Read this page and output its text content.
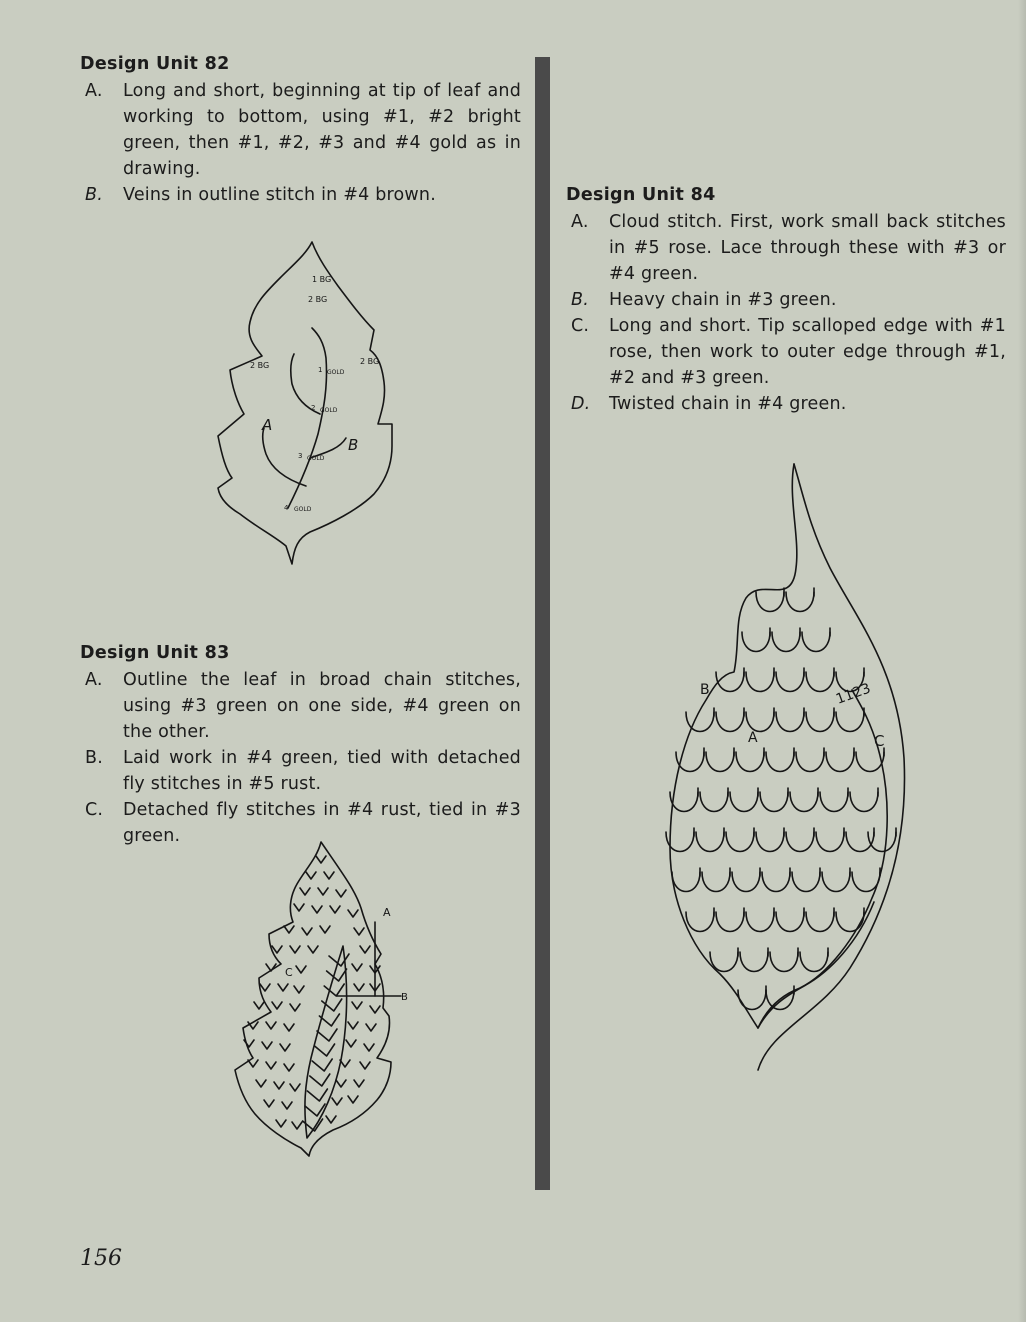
Design Unit 82
A.	Long and short, beginning at tip of leaf and working to bottom, using #1, #2 bright green, then #1, #2, #3 and #4 gold as in drawing.
B.	Veins in outline stitch in #4 brown.
Design Unit 83
A.	Outline the leaf in broad chain stitches, using #3 green on one side, #4 green on the other.
B.	Laid work in #4 green, tied with detached fly stitches in #5 rust.
C.	Detached fly stitches in #4 rust, tied in #3 green.
Design Unit 84
A.	Cloud stitch. First, work small back stitches in #5 rose. Lace through these with #3 or #4 green.
B.	Heavy chain in #3 green.
C.	Long and short. Tip scalloped edge with #1 rose, then work to outer edge through #1, #2 and #3 green.
D.	Twisted chain in #4 green.
1 BG
2 BG
2 BG	2 BG
1 GOLD
2 GOLD
3 GOLD
4 GOLD
A
B
A
B
C
B
A	C
1123
156
